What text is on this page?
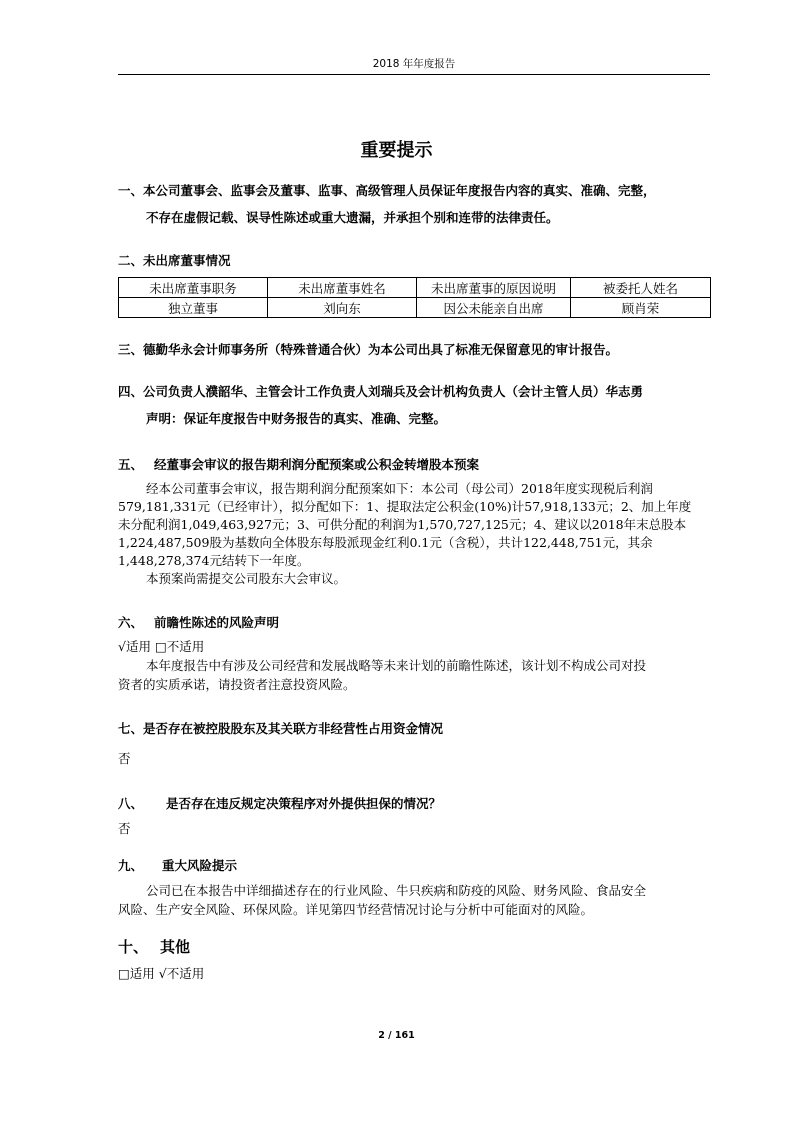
2018 年年度报告
重要提示
一、本公司董事会、监事会及董事、监事、高级管理人员保证年度报告内容的真实、准确、完整，
不存在虚假记载、误导性陈述或重大遗漏，并承担个别和连带的法律责任。
二、未出席董事情况
未出席董事职务	未出席董事姓名	未出席董事的原因说明	被委托人姓名
独立董事	刘向东	因公未能亲自出席	顾肖荣
三、德勤华永会计师事务所（特殊普通合伙）为本公司出具了标准无保留意见的审计报告。
四、公司负责人濮韶华、主管会计工作负责人刘瑞兵及会计机构负责人（会计主管人员）华志勇
声明：保证年度报告中财务报告的真实、准确、完整。
五、 经董事会审议的报告期利润分配预案或公积金转增股本预案
经本公司董事会审议，报告期利润分配预案如下：本公司（母公司）2018年度实现税后利润
579,181,331元（已经审计），拟分配如下：1、提取法定公积金(10%)计57,918,133元；2、加上年度
未分配利润1,049,463,927元；3、可供分配的利润为1,570,727,125元；4、建议以2018年末总股本
1,224,487,509股为基数向全体股东每股派现金红利0.1元（含税），共计122,448,751元，其余
1,448,278,374元结转下一年度。
本预案尚需提交公司股东大会审议。
六、 前瞻性陈述的风险声明
√适用 □不适用
本年度报告中有涉及公司经营和发展战略等未来计划的前瞻性陈述，该计划不构成公司对投
资者的实质承诺，请投资者注意投资风险。
七、是否存在被控股股东及其关联方非经营性占用资金情况
否
八、 是否存在违反规定决策程序对外提供担保的情况？
否
九、 重大风险提示
公司已在本报告中详细描述存在的行业风险、牛只疾病和防疫的风险、财务风险、食品安全
风险、生产安全风险、环保风险。详见第四节经营情况讨论与分析中可能面对的风险。
十、 其他
□适用 √不适用
2 / 161
